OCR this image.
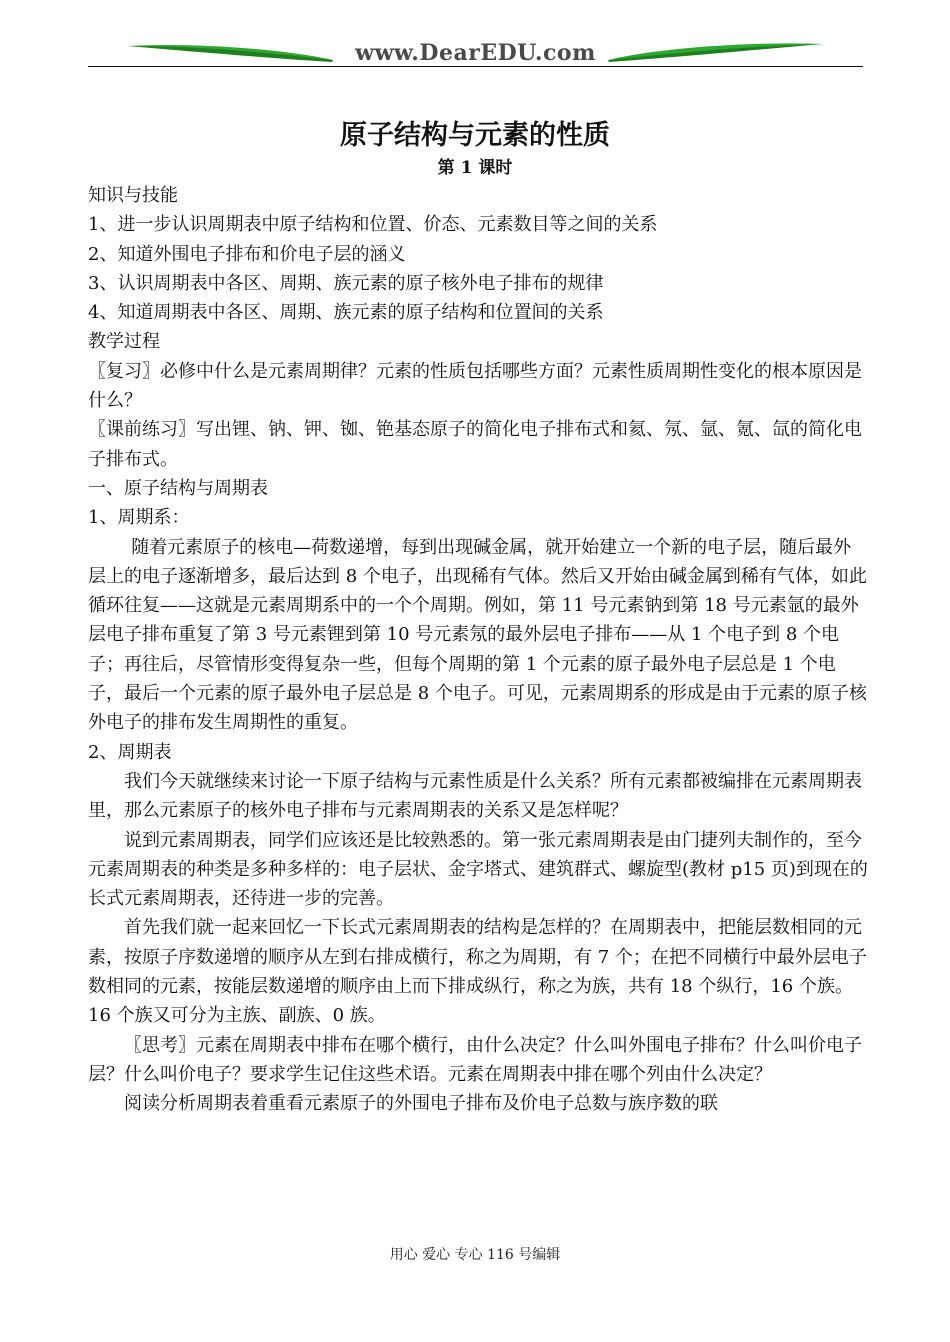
www.DearEDU.com
原子结构与元素的性质
第 1 课时

知识与技能

1、进一步认识周期表中原子结构和位置、价态、元素数目等之间的关系

2、知道外围电子排布和价电子层的涵义

3、认识周期表中各区、周期、族元素的原子核外电子排布的规律

4、知道周期表中各区、周期、族元素的原子结构和位置间的关系

教学过程

〖复习〗必修中什么是元素周期律？元素的性质包括哪些方面？元素性质周期性变化的根本原因是什么？

〖课前练习〗写出锂、钠、钾、铷、铯基态原子的简化电子排布式和氦、氖、氩、氪、氙的简化电子排布式。

一、原子结构与周期表

1、周期系：

随着元素原子的核电—荷数递增，每到出现碱金属，就开始建立一个新的电子层，随后最外层上的电子逐渐增多，最后达到 8 个电子，出现稀有气体。然后又开始由碱金属到稀有气体，如此循环往复——这就是元素周期系中的一个个周期。例如，第 11 号元素钠到第 18 号元素氩的最外层电子排布重复了第 3 号元素锂到第 10 号元素氖的最外层电子排布——从 1 个电子到 8 个电子；再往后，尽管情形变得复杂一些，但每个周期的第 1 个元素的原子最外电子层总是 1 个电子，最后一个元素的原子最外电子层总是 8 个电子。可见，元素周期系的形成是由于元素的原子核外电子的排布发生周期性的重复。

2、周期表

我们今天就继续来讨论一下原子结构与元素性质是什么关系？所有元素都被编排在元素周期表里，那么元素原子的核外电子排布与元素周期表的关系又是怎样呢？

说到元素周期表，同学们应该还是比较熟悉的。第一张元素周期表是由门捷列夫制作的，至今元素周期表的种类是多种多样的：电子层状、金字塔式、建筑群式、螺旋型(教材 p15 页)到现在的长式元素周期表，还待进一步的完善。

首先我们就一起来回忆一下长式元素周期表的结构是怎样的？在周期表中，把能层数相同的元素，按原子序数递增的顺序从左到右排成横行，称之为周期，有 7 个；在把不同横行中最外层电子数相同的元素，按能层数递增的顺序由上而下排成纵行，称之为族，共有 18 个纵行，16 个族。16 个族又可分为主族、副族、0 族。

〖思考〗元素在周期表中排布在哪个横行，由什么决定？什么叫外围电子排布？什么叫价电子层？什么叫价电子？要求学生记住这些术语。元素在周期表中排在哪个列由什么决定？

阅读分析周期表着重看元素原子的外围电子排布及价电子总数与族序数的联

用心 爱心 专心 116 号编辑
